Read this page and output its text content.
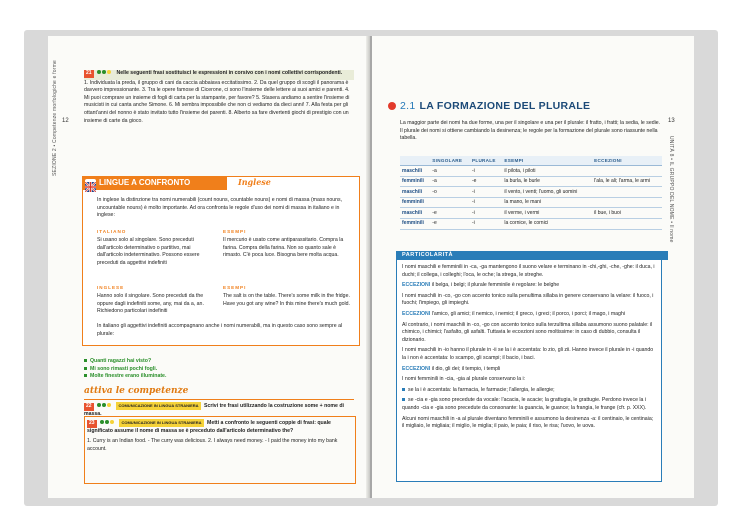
12
SEZIONE 2 • Competenze morfologiche e forme	21	Nelle seguenti frasi sostituisci le espressioni in corsivo con i nomi collettivi corrispondenti.
1. Individuata la preda, il gruppo di cani da caccia abbaiava eccitatissimo. 2. Da quel gruppo di scogli il panorama è davvero impressionante. 3. Tra le opere famose di Cicerone, ci sono l'insieme delle lettere ai suoi amici e parenti. 4. Mi puoi comprare un insieme di fogli di carta per la stampante, per favore? 5. Stasera andiamo a sentire l'insieme di musicisti in cui canta anche Simone. 6. Mi sembra impossibile che non ci vediamo da dieci anni! 7. Alla festa per gli ottant'anni del nonno è stato invitato tutto l'insieme dei parenti. 8. Alberto sa fare divertenti giochi di prestigio con un insieme di carte da gioco.
LINGUE A CONFRONTO	Inglese
In inglese la distinzione tra nomi numerabili (count nouns, countable nouns) e nomi di massa (mass nouns, uncountable nouns) è molto importante. Ad ora confronta le regole d'uso dei nomi di massa in italiano e in inglese:
ITALIANO	ESEMPI
Si usano solo al singolare. Sono preceduti dall'articolo determinativo o partitivo, mai dall'articolo indeterminativo. Possono essere preceduti da aggettivi indefiniti
Il mercurio è usato come antiparassitario. Compra la farina. Compra della farina. Non so quanto sale è rimasto. C'è poca luce. Bisogna bere molta acqua.
INGLESE	ESEMPI
Hanno solo il singolare. Sono preceduti da the oppure dagli indefiniti some, any, mai da a, an. Richiedono particolari indefiniti
The salt is on the table. There's some milk in the fridge. Have you got any wine? In this mine there's much gold.
In italiano gli aggettivi indefiniti accompagnano anche i nomi numerabili, ma in questo caso sono sempre al plurale:
Quanti ragazzi hai visto?
Mi sono rimasti pochi fogli.
Molte finestre erano illuminate.
attiva le competenze
22	COMUNICAZIONE IN LINGUA STRANIERA Scrivi tre frasi utilizzando la costruzione some + nome di massa.
23	COMUNICAZIONE IN LINGUA STRANIERA Metti a confronto le seguenti coppie di frasi: quale significato assume il nome di massa se è preceduto dall'articolo determinativo the?
1. Curry is an Indian food. - The curry was delicious. 2. I always need money. - I paid the money into my bank account.
13
UNITÀ 8 • IL GRUPPO DEL NOME • Il nome
2.1 LA FORMAZIONE DEL PLURALE
La maggior parte dei nomi ha due forme, una per il singolare e una per il plurale: il fratto, i fratti; la sedia, le sedie. Il plurale dei nomi si ottiene cambiando la desinenza; le regole per la formazione del plurale sono riassunte nella tabella.
	SINGOLARE	PLURALE	ESEMPI	ECCEZIONI
maschili	-a	-i	il pilota, i piloti	
femminili	-a	-e	la burla, le burle	l'ala, le ali; l'arma, le armi
maschili	-o	-i	il vento, i venti; l'uomo, gli uomini	
femminili		-i	la mano, le mani	
maschili	-e	-i	il verme, i vermi	il bue, i buoi
femminili	-e	-i	la cornice, le cornici	
PARTICOLARITÀ

I nomi maschili e femminili in -ca, -ga mantengono il suono velare e terminano in -chi,-ghi, -che, -ghe: il duca, i duchi; il collega, i colleghi; l'oca, le oche; la strega, le streghe.

ECCEZIONI il belga, i belgi; il plurale femminile è regolare: le belghe

I nomi maschili in -co, -go con accento tonico sulla penultima sillaba in genere conservano la velare: il fuoco, i fuochi; l'impiego, gli impieghi.

ECCEZIONI l'amico, gli amici; il nemico, i nemici; il greco, i greci; il porco, i porci; il mago, i maghi

Al contrario, i nomi maschili in -co, -go con accento tonico sulla terzultima sillaba assumono suono palatale: il chimico, i chimici; l'asfalto, gli asfalti. Tuttavia le eccezioni sono moltissime: in caso di dubbio, consulta il dizionario.

I nomi maschili in -io hanno il plurale in -ii se la i è accentata: lo zio, gli zii. Hanno invece il plurale in -i quando la i non è accentata: lo scampo, gli scampi; il bacio, i baci.

ECCEZIONI il dio, gli dei; il tempio, i templi

I nomi femminili in -cia, -gia al plurale conservano la i:

se la i è accentata: la farmacia, le farmacie; l'allergia, le allergie;

se -cia e -gia sono precedute da vocale: l'acacia, le acacie; la grattugia, le grattugie. Perdono invece la i quando -cia e -gia sono precedute da consonante: la guancia, le guance; la frangia, le frange (cfr. p. XXX).

Alcuni nomi maschili in -a al plurale diventano femminili e assumono la desinenza -a: il centinaio, le centinaia; il migliaio, le migliaia; il miglio, le miglia; il paio, le paia; il riso, le risa; l'uovo, le uova.
